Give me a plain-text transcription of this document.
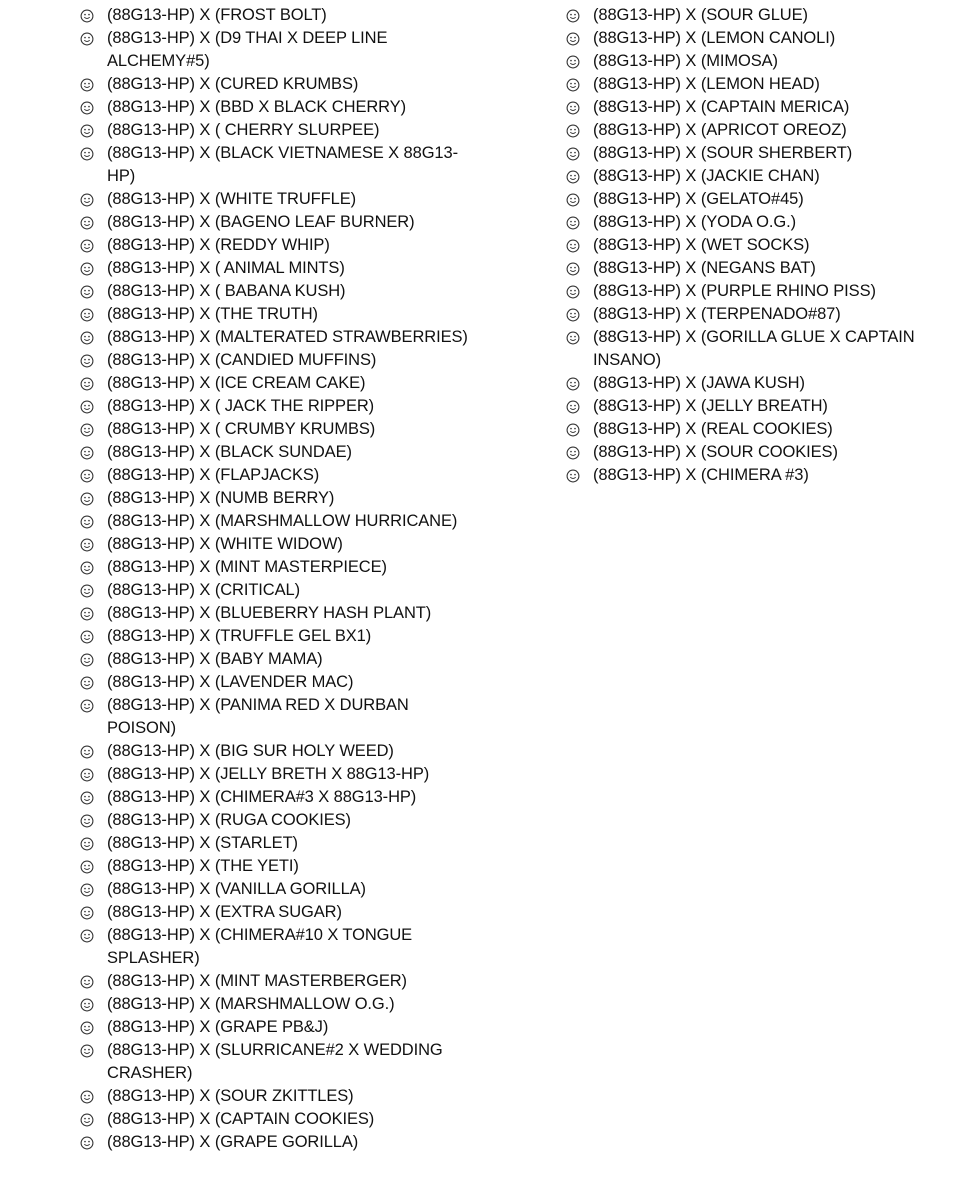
(88G13-HP) X (FROST BOLT)
(88G13-HP) X (D9 THAI X DEEP LINE ALCHEMY#5)
(88G13-HP) X (CURED KRUMBS)
(88G13-HP) X (BBD X BLACK CHERRY)
(88G13-HP) X ( CHERRY SLURPEE)
(88G13-HP) X (BLACK VIETNAMESE X 88G13-HP)
(88G13-HP) X (WHITE TRUFFLE)
(88G13-HP) X (BAGENO LEAF BURNER)
(88G13-HP) X (REDDY WHIP)
(88G13-HP) X ( ANIMAL MINTS)
(88G13-HP) X ( BABANA KUSH)
(88G13-HP) X (THE TRUTH)
(88G13-HP) X (MALTERATED STRAWBERRIES)
(88G13-HP) X (CANDIED MUFFINS)
(88G13-HP) X (ICE CREAM CAKE)
(88G13-HP) X ( JACK THE RIPPER)
(88G13-HP) X ( CRUMBY KRUMBS)
(88G13-HP) X (BLACK SUNDAE)
(88G13-HP) X (FLAPJACKS)
(88G13-HP) X (NUMB BERRY)
(88G13-HP) X (MARSHMALLOW HURRICANE)
(88G13-HP) X (WHITE WIDOW)
(88G13-HP) X (MINT MASTERPIECE)
(88G13-HP) X (CRITICAL)
(88G13-HP) X (BLUEBERRY HASH PLANT)
(88G13-HP) X (TRUFFLE GEL BX1)
(88G13-HP) X (BABY MAMA)
(88G13-HP) X (LAVENDER MAC)
(88G13-HP) X (PANIMA RED X DURBAN POISON)
(88G13-HP) X (BIG SUR HOLY WEED)
(88G13-HP) X (JELLY BRETH X 88G13-HP)
(88G13-HP) X (CHIMERA#3 X 88G13-HP)
(88G13-HP) X (RUGA COOKIES)
(88G13-HP) X (STARLET)
(88G13-HP) X (THE YETI)
(88G13-HP) X (VANILLA GORILLA)
(88G13-HP) X (EXTRA SUGAR)
(88G13-HP) X (CHIMERA#10 X TONGUE SPLASHER)
(88G13-HP) X (MINT MASTERBERGER)
(88G13-HP) X (MARSHMALLOW O.G.)
(88G13-HP) X (GRAPE PB&J)
(88G13-HP) X (SLURRICANE#2 X WEDDING CRASHER)
(88G13-HP) X (SOUR ZKITTLES)
(88G13-HP) X (CAPTAIN COOKIES)
(88G13-HP) X (GRAPE GORILLA)
(88G13-HP) X (SOUR GLUE)
(88G13-HP) X (LEMON CANOLI)
(88G13-HP) X (MIMOSA)
(88G13-HP) X (LEMON HEAD)
(88G13-HP) X (CAPTAIN MERICA)
(88G13-HP) X (APRICOT OREOZ)
(88G13-HP) X (SOUR SHERBERT)
(88G13-HP) X (JACKIE CHAN)
(88G13-HP) X (GELATO#45)
(88G13-HP) X (YODA O.G.)
(88G13-HP) X (WET SOCKS)
(88G13-HP) X (NEGANS BAT)
(88G13-HP) X (PURPLE RHINO PISS)
(88G13-HP) X (TERPENADO#87)
(88G13-HP) X (GORILLA GLUE X CAPTAIN INSANO)
(88G13-HP) X (JAWA KUSH)
(88G13-HP) X (JELLY BREATH)
(88G13-HP) X (REAL COOKIES)
(88G13-HP) X (SOUR COOKIES)
(88G13-HP) X (CHIMERA #3)
